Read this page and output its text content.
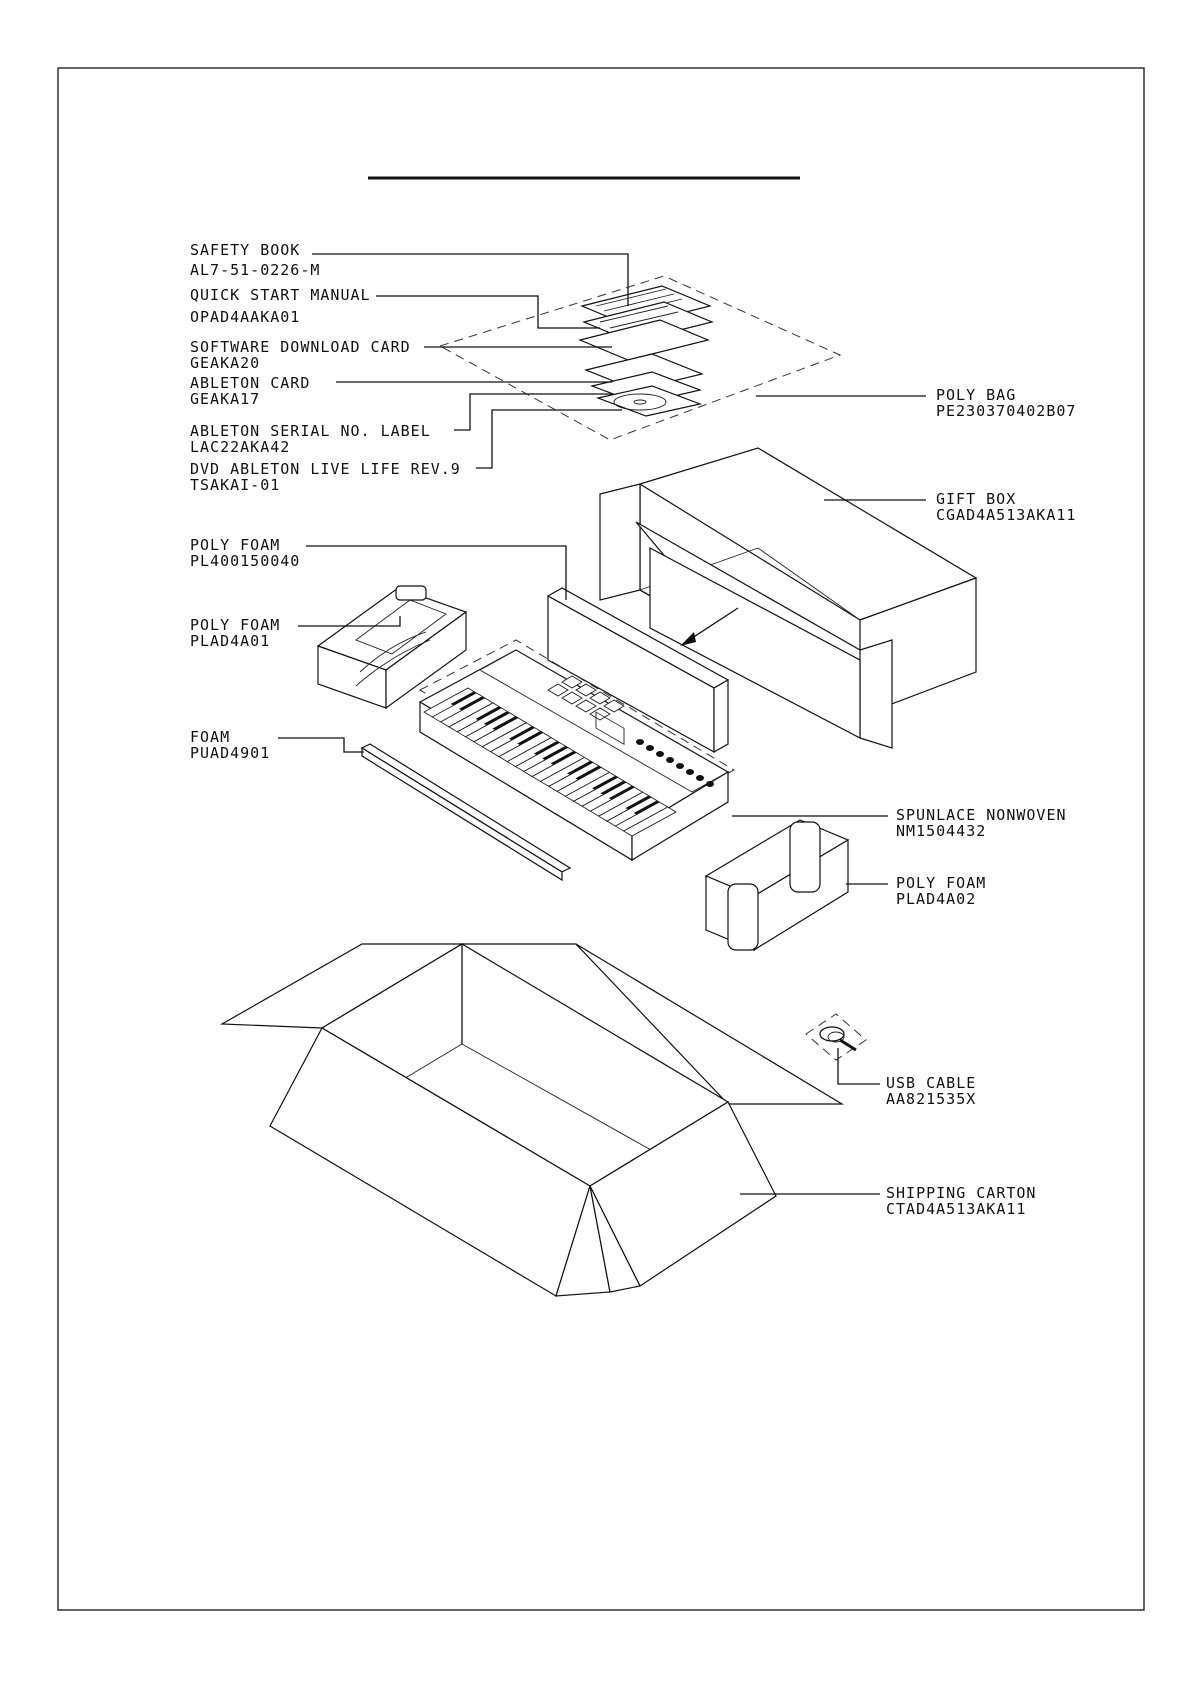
SAFETY BOOK
AL7-51-0226-M
QUICK START MANUAL
OPAD4AAKA01
SOFTWARE DOWNLOAD CARD
GEAKA20
ABLETON CARD
GEAKA17
ABLETON SERIAL NO. LABEL
LAC22AKA42
DVD ABLETON LIVE LIFE REV.9
TSAKAI-01
POLY BAG
PE230370402B07
GIFT BOX
CGAD4A513AKA11
POLY FOAM
PL400150040
POLY FOAM
PLAD4A01
FOAM
PUAD4901
SPUNLACE NONWOVEN
NM1504432
POLY FOAM
PLAD4A02
USB CABLE
AA821535X
SHIPPING CARTON
CTAD4A513AKA11
